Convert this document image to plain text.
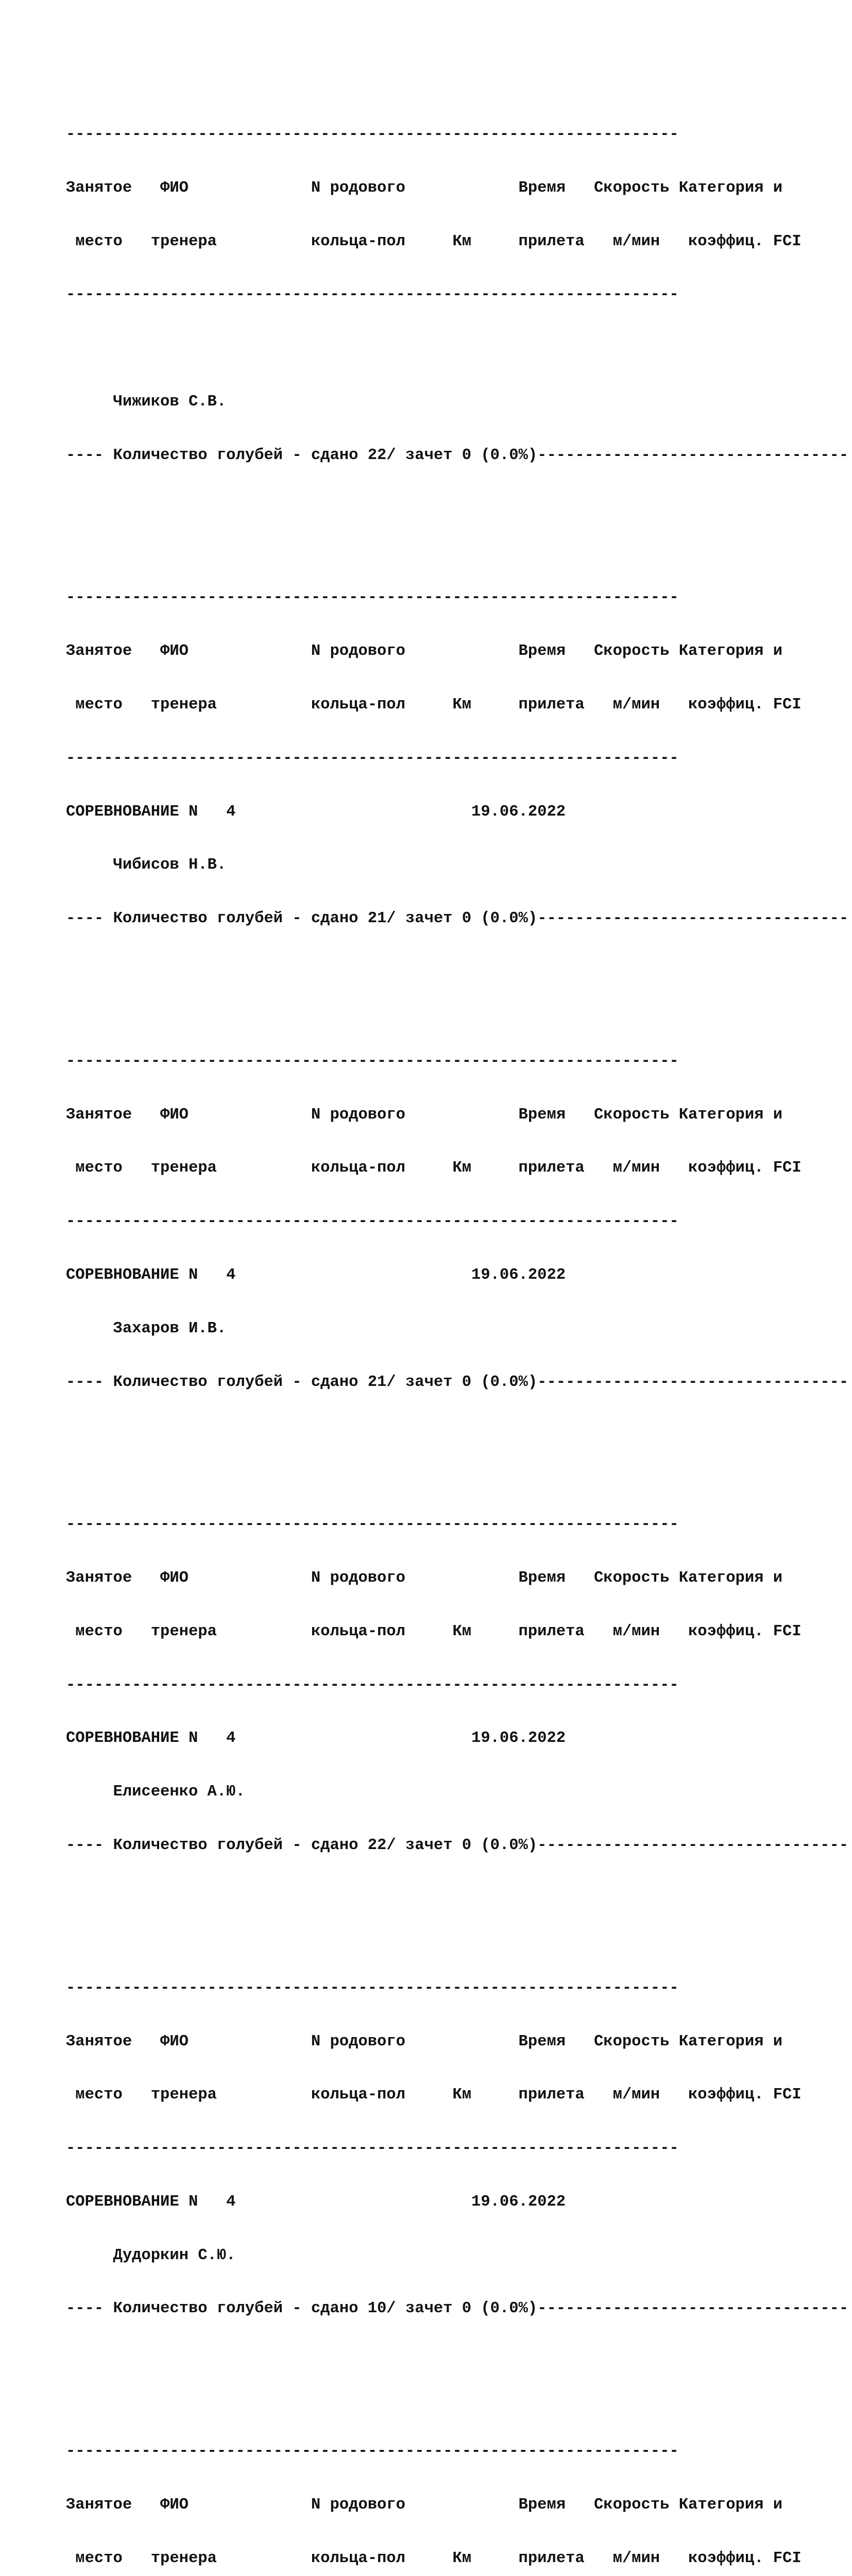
-----------------------------------------------------------------

Занятое   ФИО             N родового            Время   Скорость Категория и

место   тренера          кольца-пол     Км     прилета   м/мин   коэффиц. FCI

-----------------------------------------------------------------

Чижиков С.В.

---- Количество голубей - сдано 22/ зачет 0 (0.0%)---------------------------------

-----------------------------------------------------------------

Занятое   ФИО             N родового            Время   Скорость Категория и

место   тренера          кольца-пол     Км     прилета   м/мин   коэффиц. FCI

-----------------------------------------------------------------

СОРЕВНОВАНИЕ N   4                         19.06.2022

Чибисов Н.В.

---- Количество голубей - сдано 21/ зачет 0 (0.0%)---------------------------------

-----------------------------------------------------------------

Занятое   ФИО             N родового            Время   Скорость Категория и

место   тренера          кольца-пол     Км     прилета   м/мин   коэффиц. FCI

-----------------------------------------------------------------

СОРЕВНОВАНИЕ N   4                         19.06.2022

Захаров И.В.

---- Количество голубей - сдано 21/ зачет 0 (0.0%)---------------------------------

-----------------------------------------------------------------

Занятое   ФИО             N родового            Время   Скорость Категория и

место   тренера          кольца-пол     Км     прилета   м/мин   коэффиц. FCI

-----------------------------------------------------------------

СОРЕВНОВАНИЕ N   4                         19.06.2022

Елисеенко А.Ю.

---- Количество голубей - сдано 22/ зачет 0 (0.0%)---------------------------------

-----------------------------------------------------------------

Занятое   ФИО             N родового            Время   Скорость Категория и

место   тренера          кольца-пол     Км     прилета   м/мин   коэффиц. FCI

-----------------------------------------------------------------

СОРЕВНОВАНИЕ N   4                         19.06.2022

Дудоркин С.Ю.

---- Количество голубей - сдано 10/ зачет 0 (0.0%)---------------------------------

-----------------------------------------------------------------

Занятое   ФИО             N родового            Время   Скорость Категория и

место   тренера          кольца-пол     Км     прилета   м/мин   коэффиц. FCI
